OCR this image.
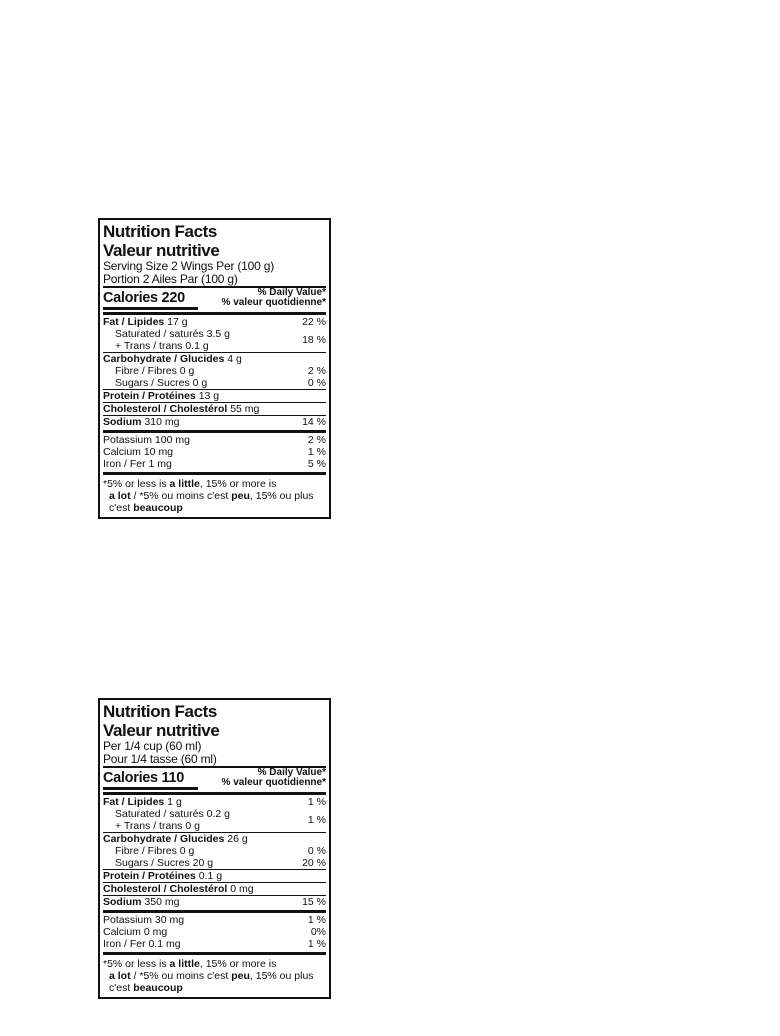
Nutrition Facts
Valeur nutritive
Serving Size 2 Wings Per (100 g)
Portion 2 Ailes Par (100 g)
Calories 220	% Daily Value*
% valeur quotidienne*
Fat / Lipides 17 g	22 %
Saturated / saturés 3.5 g
+ Trans / trans 0.1 g	18 %
Carbohydrate / Glucides 4 g
Fibre / Fibres 0 g	2 %
Sugars / Sucres 0 g	0 %
Protein / Protéines 13 g
Cholesterol / Cholestérol 55 mg
Sodium 310 mg	14 %
Potassium 100 mg	2 %
Calcium 10 mg	1 %
Iron / Fer 1 mg	5 %
*5% or less is a little, 15% or more is
a lot / *5% ou moins c'est peu, 15% ou plus
c'est beaucoup
Nutrition Facts
Valeur nutritive
Per 1/4 cup (60 ml)
Pour 1/4 tasse (60 ml)
Calories 110	% Daily Value*
% valeur quotidienne*
Fat / Lipides 1 g	1 %
Saturated / saturés 0.2 g
+ Trans / trans 0 g	1 %
Carbohydrate / Glucides 26 g
Fibre / Fibres 0 g	0 %
Sugars / Sucres 20 g	20 %
Protein / Protéines 0.1 g
Cholesterol / Cholestérol 0 mg
Sodium 350 mg	15 %
Potassium 30 mg	1 %
Calcium 0 mg	0%
Iron / Fer 0.1 mg	1 %
*5% or less is a little, 15% or more is
a lot / *5% ou moins c'est peu, 15% ou plus
c'est beaucoup
